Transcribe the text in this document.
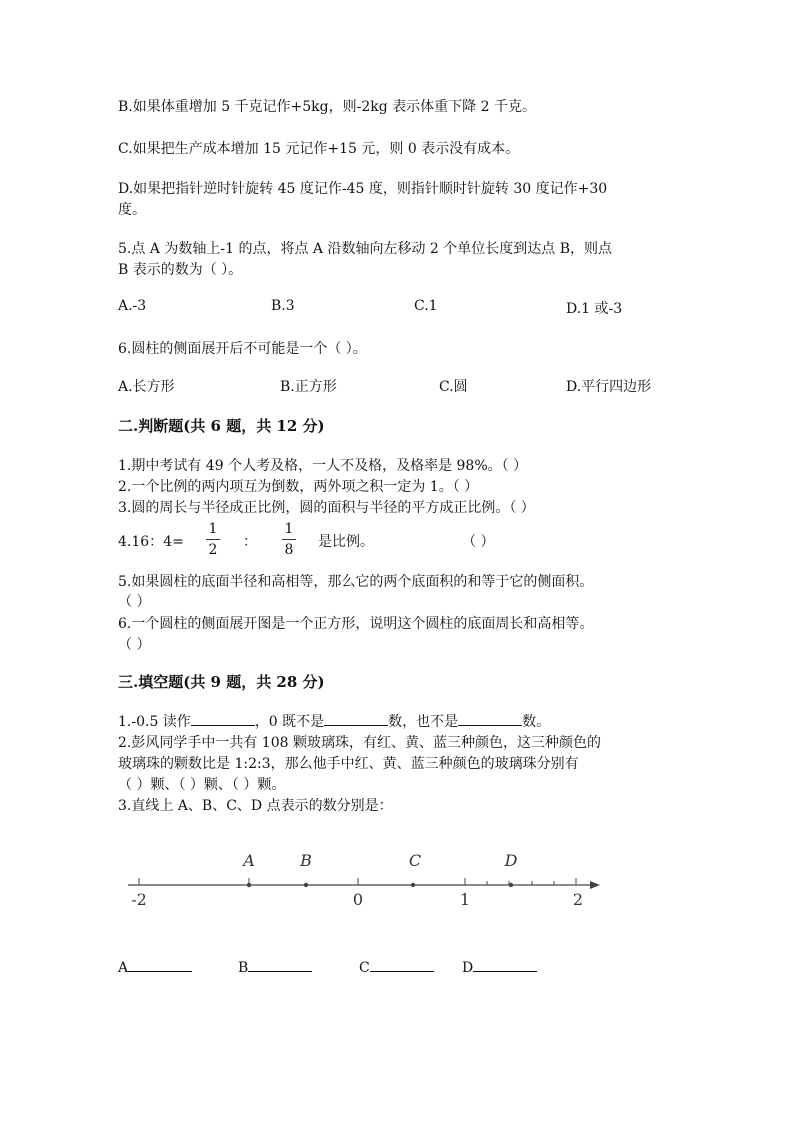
B.如果体重增加 5 千克记作+5kg，则-2kg 表示体重下降 2 千克。
C.如果把生产成本增加 15 元记作+15 元，则 0 表示没有成本。
D.如果把指针逆时针旋转 45 度记作-45 度，则指针顺时针旋转 30 度记作+30
度。
5.点 A 为数轴上-1 的点，将点 A 沿数轴向左移动 2 个单位长度到达点 B，则点
B 表示的数为（ ）。
A.-3	B.3	C.1	D.1 或-3
6.圆柱的侧面展开后不可能是一个（ ）。
A.长方形	B.正方形	C.圆	D.平行四边形
二.判断题(共 6 题，共 12 分)
1.期中考试有 49 个人考及格，一人不及格，及格率是 98%。（ ）
2.一个比例的两内项互为倒数，两外项之积一定为 1。（ ）
3.圆的周长与半径成正比例，圆的面积与半径的平方成正比例。（ ）
4.16：4=
1
2	：
1
8	是比例。	（ ）
5.如果圆柱的底面半径和高相等，那么它的两个底面积的和等于它的侧面积。
（ ）
6.一个圆柱的侧面展开图是一个正方形，说明这个圆柱的底面周长和高相等。
（ ）
三.填空题(共 9 题，共 28 分)
1.-0.5 读作	，0 既不是	数，也不是	数。
2.彭风同学手中一共有 108 颗玻璃珠，有红、黄、蓝三种颜色，这三种颜色的
玻璃珠的颗数比是 1:2:3，那么他手中红、黄、蓝三种颜色的玻璃珠分别有
（ ）颗、（ ）颗、（ ）颗。
3.直线上 A、B、C、D 点表示的数分别是：
A	B	C	D
-2	0	1	2
A	B	C	D
